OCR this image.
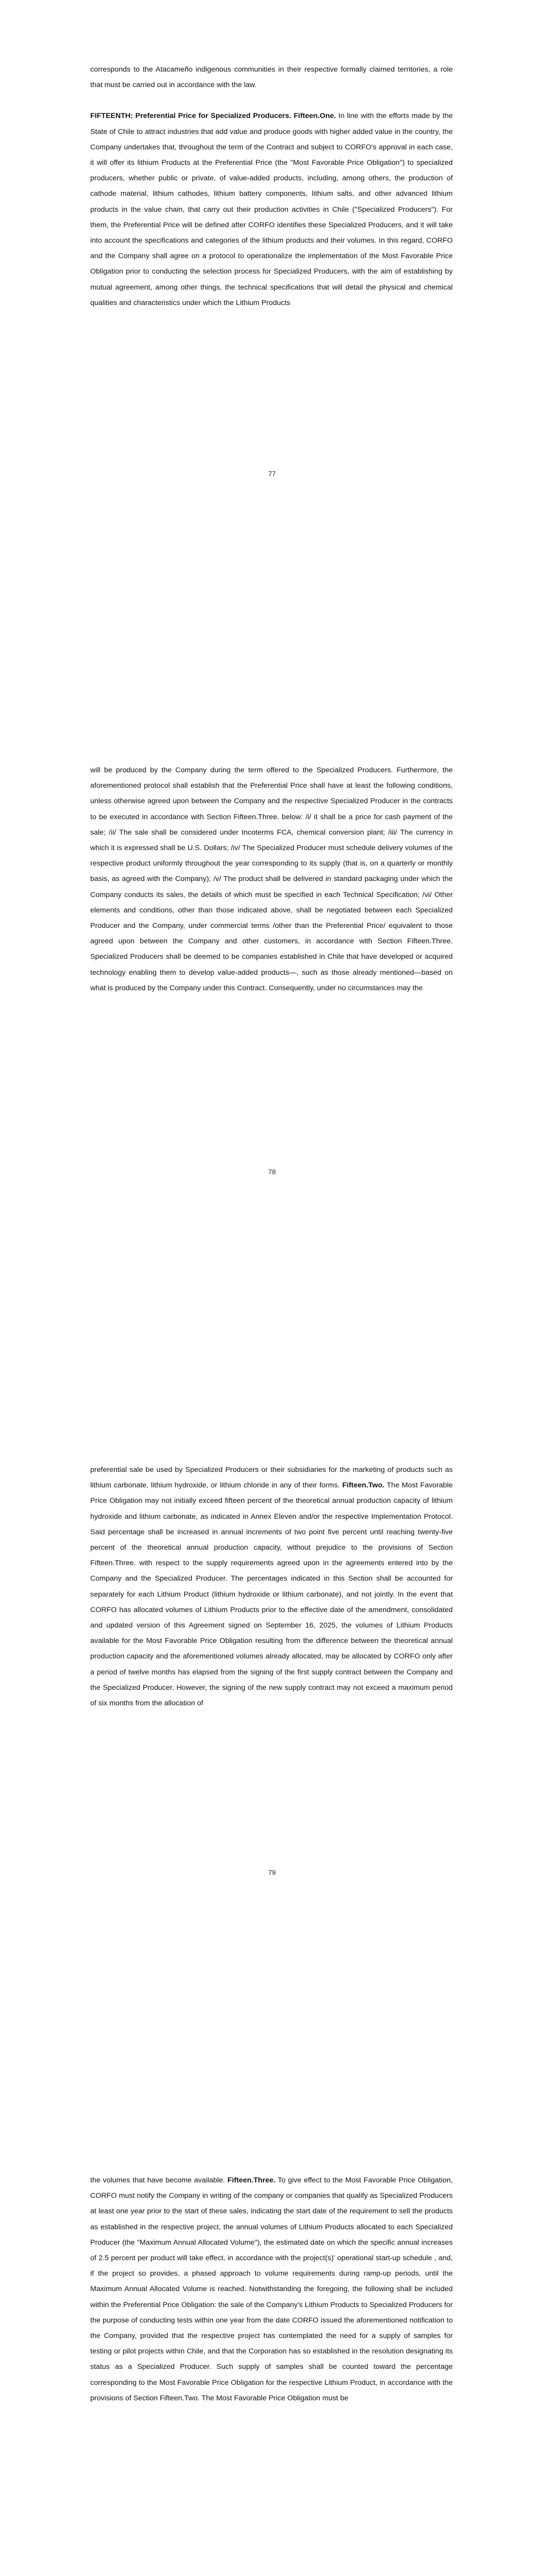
corresponds to the Atacameño indigenous communities in their respective formally claimed territories, a role that must be carried out in accordance with the law.

FIFTEENTH: Preferential Price for Specialized Producers. Fifteen.One. In line with the efforts made by the State of Chile to attract industries that add value and produce goods with higher added value in the country, the Company undertakes that, throughout the term of the Contract and subject to CORFO's approval in each case, it will offer its lithium Products at the Preferential Price (the "Most Favorable Price Obligation") to specialized producers, whether public or private, of value-added products, including, among others, the production of cathode material, lithium cathodes, lithium battery components, lithium salts, and other advanced lithium products in the value chain, that carry out their production activities in Chile ("Specialized Producers"). For them, the Preferential Price will be defined after CORFO identifies these Specialized Producers, and it will take into account the specifications and categories of the lithium products and their volumes. In this regard, CORFO and the Company shall agree on a protocol to operationalize the implementation of the Most Favorable Price Obligation prior to conducting the selection process for Specialized Producers, with the aim of establishing by mutual agreement, among other things, the technical specifications that will detail the physical and chemical qualities and characteristics under which the Lithium Products

77

will be produced by the Company during the term offered to the Specialized Producers. Furthermore, the aforementioned protocol shall establish that the Preferential Price shall have at least the following conditions, unless otherwise agreed upon between the Company and the respective Specialized Producer in the contracts to be executed in accordance with Section Fifteen.Three. below: /i/ it shall be a price for cash payment of the sale; /ii/ The sale shall be considered under Incoterms FCA, chemical conversion plant; /iii/ The currency in which it is expressed shall be U.S. Dollars; /iv/ The Specialized Producer must schedule delivery volumes of the respective product uniformly throughout the year corresponding to its supply (that is, on a quarterly or monthly basis, as agreed with the Company); /v/ The product shall be delivered in standard packaging under which the Company conducts its sales, the details of which must be specified in each Technical Specification; /vi/ Other elements and conditions, other than those indicated above, shall be negotiated between each Specialized Producer and the Company, under commercial terms /other than the Preferential Price/ equivalent to those agreed upon between the Company and other customers, in accordance with Section Fifteen.Three. Specialized Producers shall be deemed to be companies established in Chile that have developed or acquired technology enabling them to develop value-added products—, such as those already mentioned—based on what is produced by the Company under this Contract. Consequently, under no circumstances may the

78

preferential sale be used by Specialized Producers or their subsidiaries for the marketing of products such as lithium carbonate, lithium hydroxide, or lithium chloride in any of their forms. Fifteen.Two. The Most Favorable Price Obligation may not initially exceed fifteen percent of the theoretical annual production capacity of lithium hydroxide and lithium carbonate, as indicated in Annex Eleven and/or the respective Implementation Protocol. Said percentage shall be increased in annual increments of two point five percent until reaching twenty-five percent of the theoretical annual production capacity, without prejudice to the provisions of Section Fifteen.Three. with respect to the supply requirements agreed upon in the agreements entered into by the Company and the Specialized Producer. The percentages indicated in this Section shall be accounted for separately for each Lithium Product (lithium hydroxide or lithium carbonate), and not jointly. In the event that CORFO has allocated volumes of Lithium Products prior to the effective date of the amendment, consolidated and updated version of this Agreement signed on September 16, 2025, the volumes of Lithium Products available for the Most Favorable Price Obligation resulting from the difference between the theoretical annual production capacity and the aforementioned volumes already allocated, may be allocated by CORFO only after a period of twelve months has elapsed from the signing of the first supply contract between the Company and the Specialized Producer. However, the signing of the new supply contract may not exceed a maximum period of six months from the allocation of

79

the volumes that have become available. Fifteen.Three. To give effect to the Most Favorable Price Obligation, CORFO must notify the Company in writing of the company or companies that qualify as Specialized Producers at least one year prior to the start of these sales, indicating the start date of the requirement to sell the products as established in the respective project, the annual volumes of Lithium Products allocated to each Specialized Producer (the "Maximum Annual Allocated Volume"), the estimated date on which the specific annual increases of 2.5 percent per product will take effect, in accordance with the project(s)' operational start-up schedule , and, if the project so provides, a phased approach to volume requirements during ramp-up periods, until the Maximum Annual Allocated Volume is reached. Notwithstanding the foregoing, the following shall be included within the Preferential Price Obligation: the sale of the Company's Lithium Products to Specialized Producers for the purpose of conducting tests within one year from the date CORFO issued the aforementioned notification to the Company, provided that the respective project has contemplated the need for a supply of samples for testing or pilot projects within Chile, and that the Corporation has so established in the resolution designating its status as a Specialized Producer. Such supply of samples shall be counted toward the percentage corresponding to the Most Favorable Price Obligation for the respective Lithium Product, in accordance with the provisions of Section Fifteen.Two. The Most Favorable Price Obligation must be
